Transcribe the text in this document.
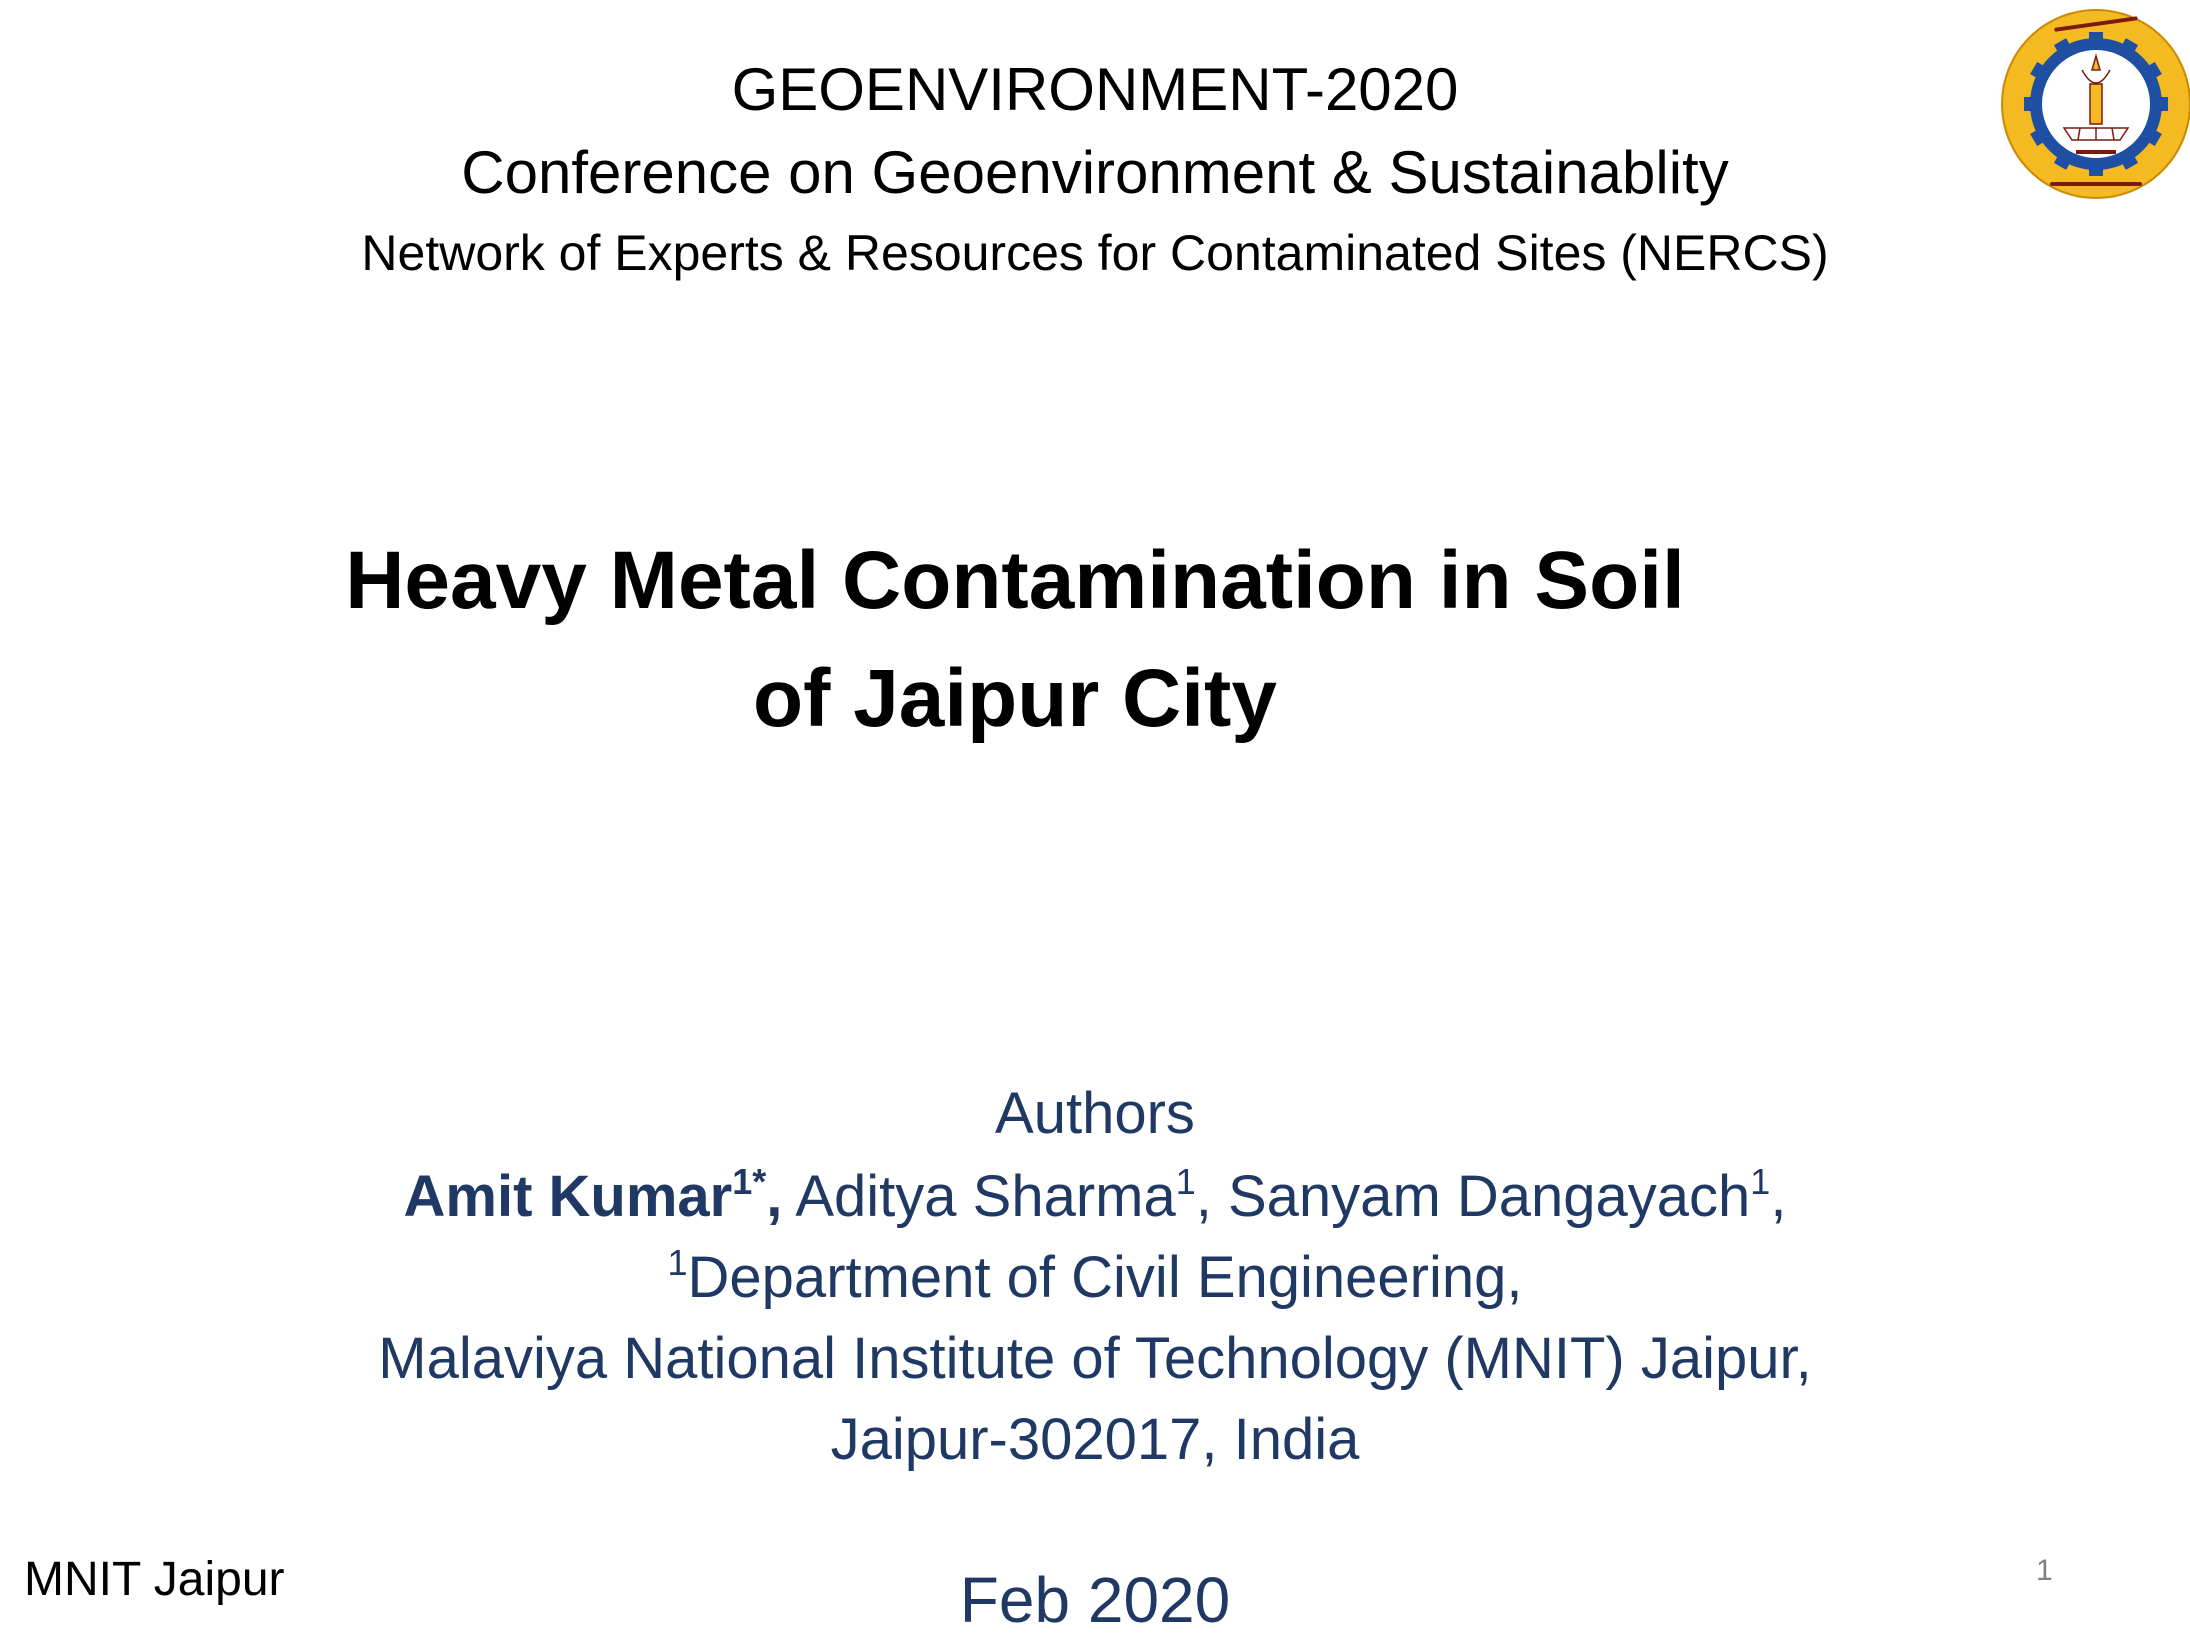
GEOENVIRONMENT-2020
Conference on Geoenvironment & Sustainablity
Network of Experts & Resources for Contaminated Sites (NERCS)
Heavy Metal Contamination in Soil
of Jaipur City
Authors
Amit Kumar$^{1*}$, Aditya Sharma$^1$, Sanyam Dangayach$^1$,
$^1$Department of Civil Engineering,
Malaviya National Institute of Technology (MNIT) Jaipur,
Jaipur-302017, India
Feb 2020
MNIT Jaipur	1
